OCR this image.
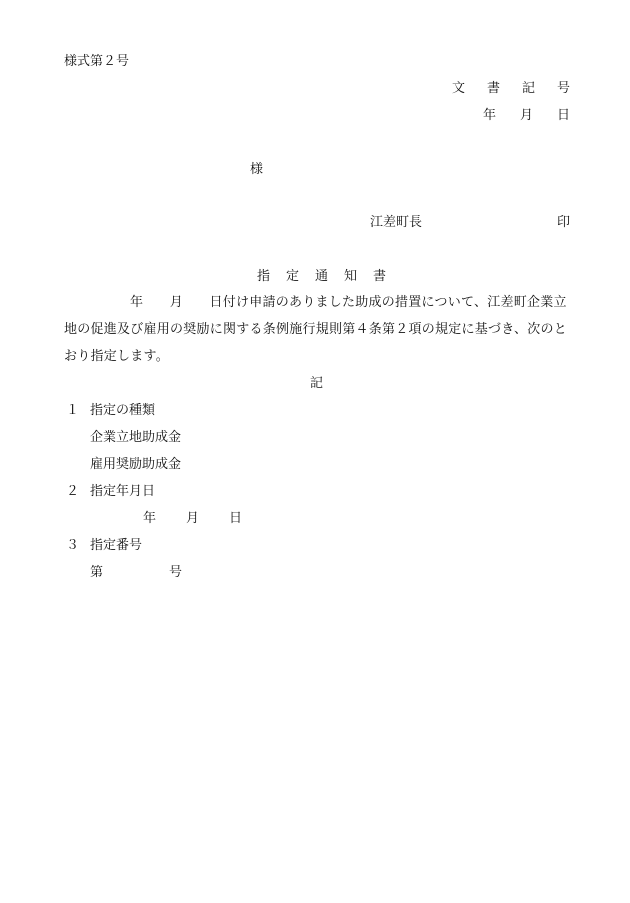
様式第２号
文書記号
年月日
様
江差町長	印
指定通知書
年　　月　　日付け申請のありました助成の措置について、江差町企業立地の促進及び雇用の奨励に関する条例施行規則第４条第２項の規定に基づき、次のとおり指定します。
記
１ 指定の種類
企業立地助成金
雇用奨励助成金
２ 指定年月日
年月日
３ 指定番号
第号
